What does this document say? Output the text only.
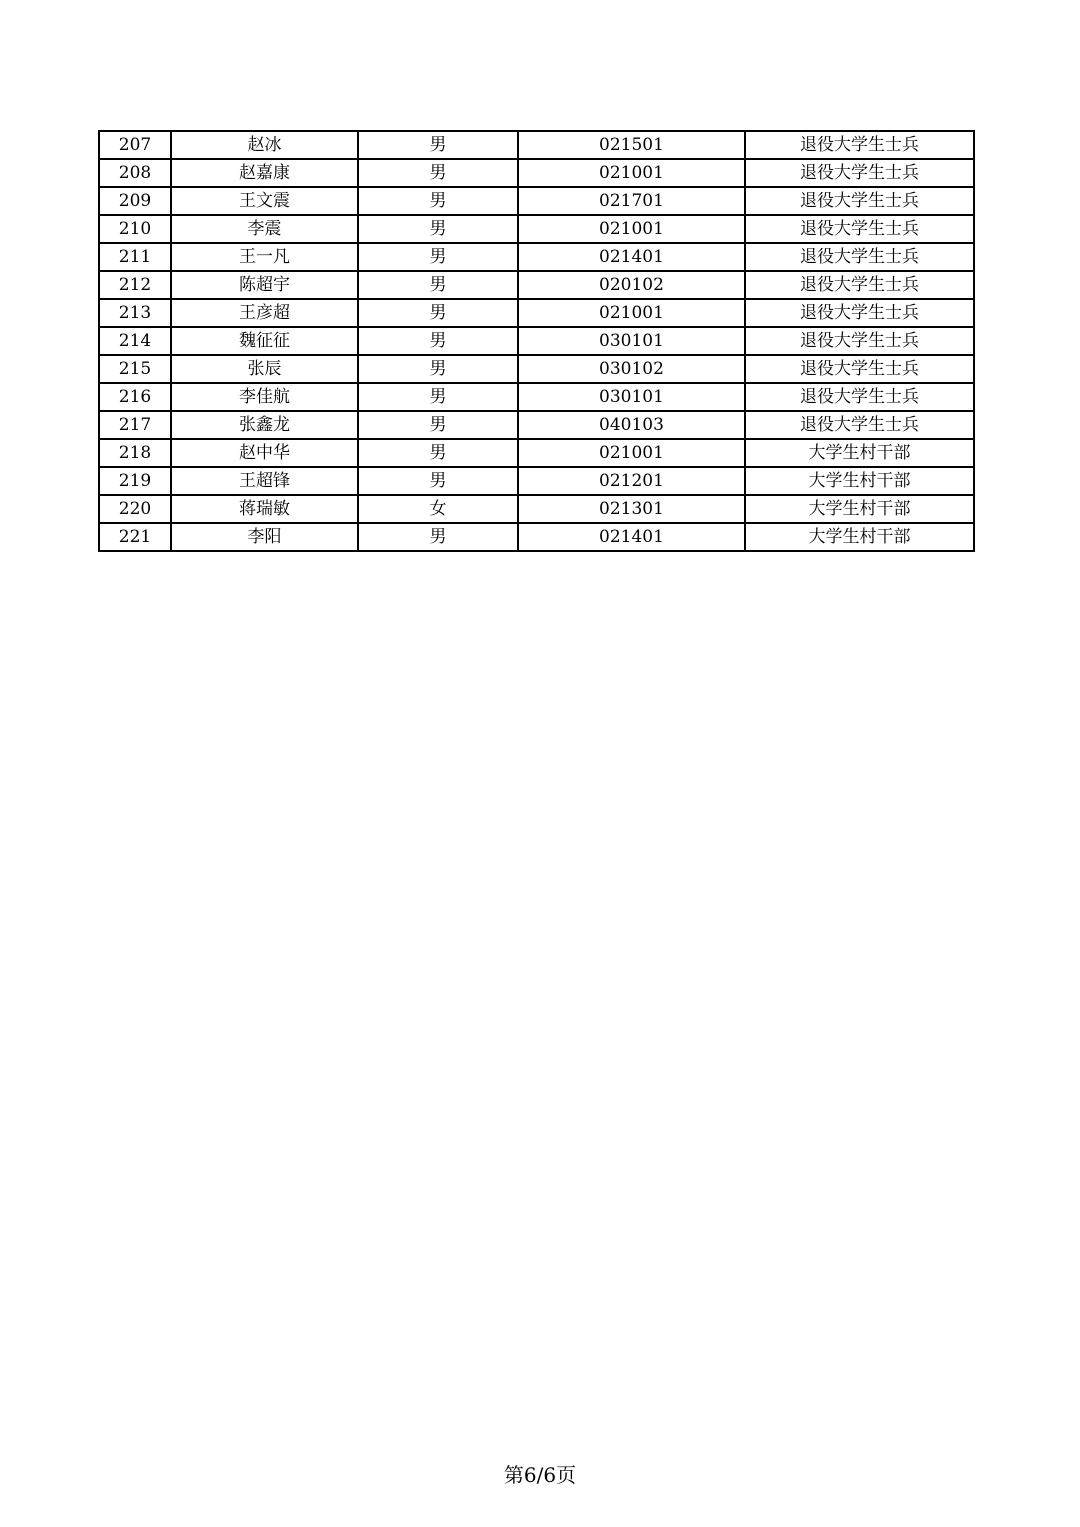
207	赵冰	男	021501	退役大学生士兵
208	赵嘉康	男	021001	退役大学生士兵
209	王文震	男	021701	退役大学生士兵
210	李震	男	021001	退役大学生士兵
211	王一凡	男	021401	退役大学生士兵
212	陈超宇	男	020102	退役大学生士兵
213	王彦超	男	021001	退役大学生士兵
214	魏征征	男	030101	退役大学生士兵
215	张辰	男	030102	退役大学生士兵
216	李佳航	男	030101	退役大学生士兵
217	张鑫龙	男	040103	退役大学生士兵
218	赵中华	男	021001	大学生村干部
219	王超锋	男	021201	大学生村干部
220	蒋瑞敏	女	021301	大学生村干部
221	李阳	男	021401	大学生村干部
第6/6页
